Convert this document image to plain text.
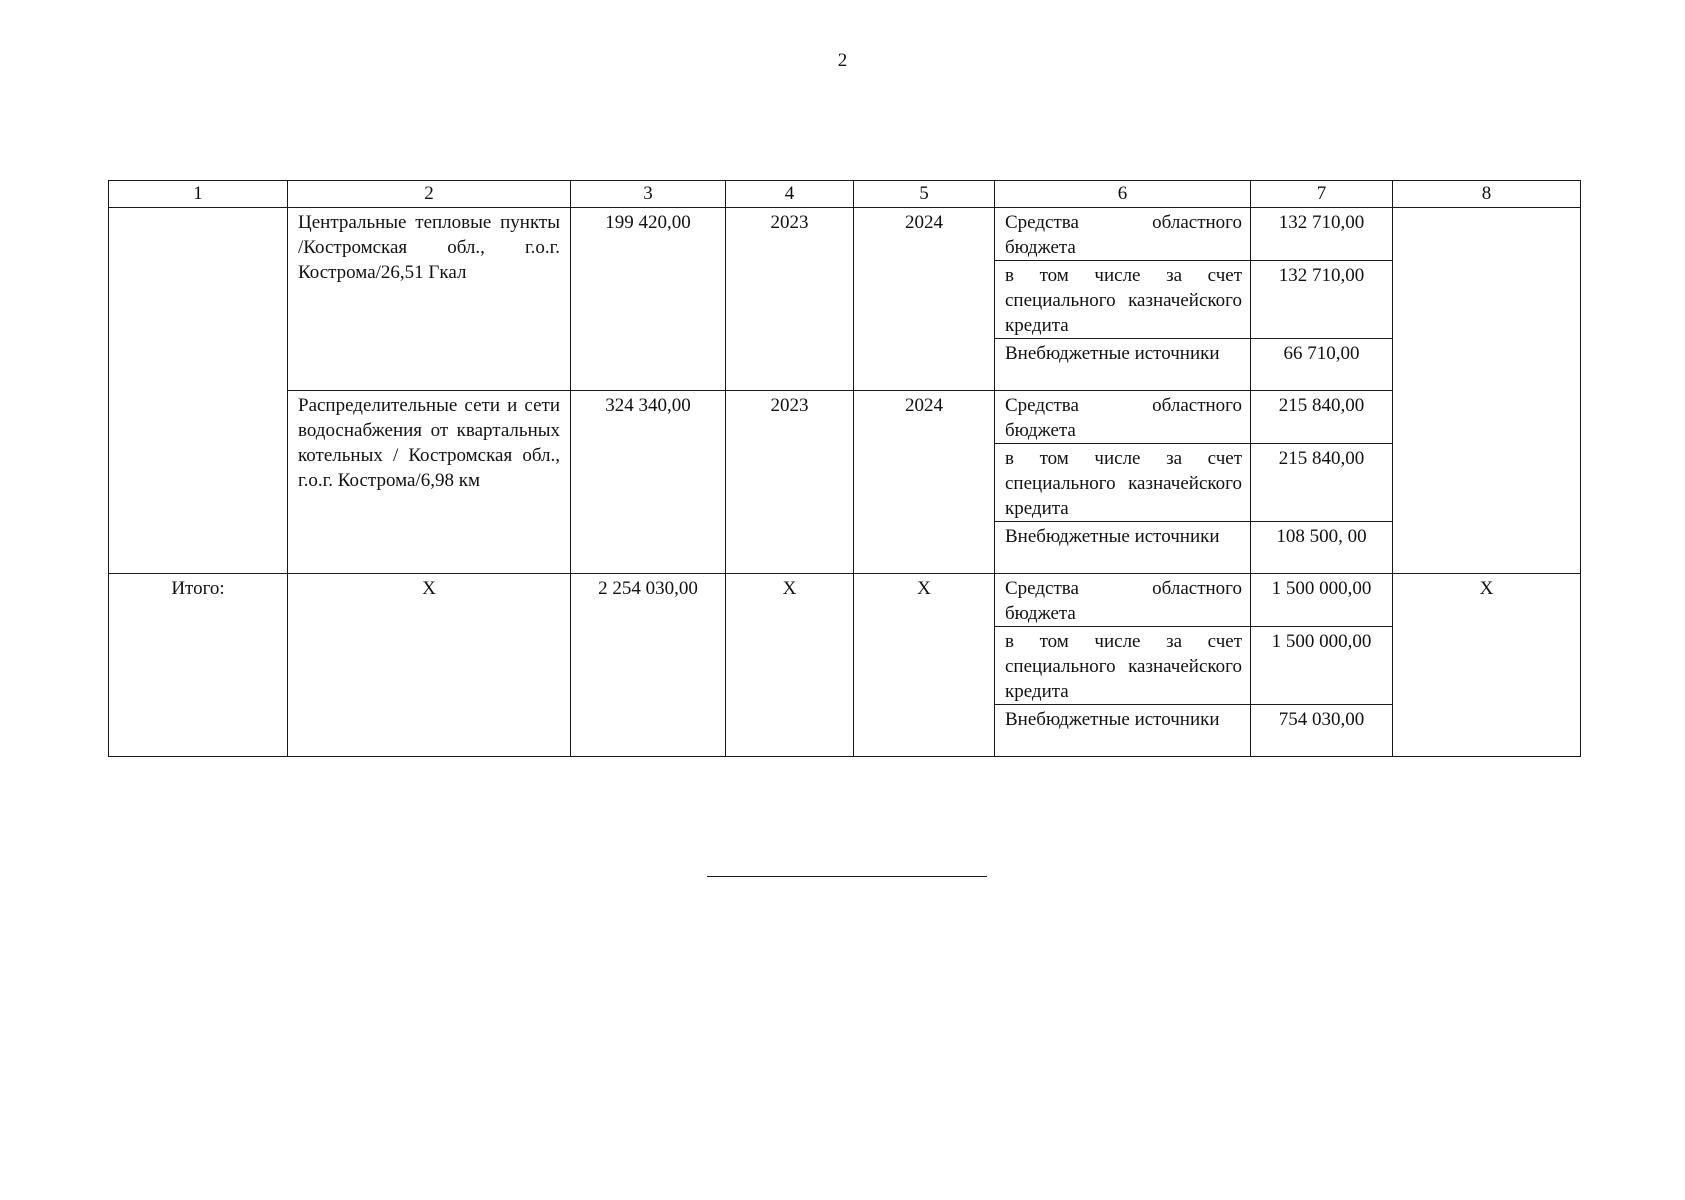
2
1	2	3	4	5	6	7	8
	Центральные тепловые пункты /Костромская обл., г.о.г. Кострома/26,51 Гкал	199 420,00	2023	2024	Средства областного бюджета	132 710,00	
					в том числе за счет специального казначейского кредита	132 710,00	
					Внебюджетные источники	66 710,00	
	Распределительные сети и сети водоснабжения от квартальных котельных / Костромская обл., г.о.г. Кострома/6,98 км	324 340,00	2023	2024	Средства областного бюджета	215 840,00	
					в том числе за счет специального казначейского кредита	215 840,00	
					Внебюджетные источники	108 500, 00	
Итого:	Х	2 254 030,00	Х	Х	Средства областного бюджета	1 500 000,00	Х
					в том числе за счет специального казначейского кредита	1 500 000,00	
					Внебюджетные источники	754 030,00	
